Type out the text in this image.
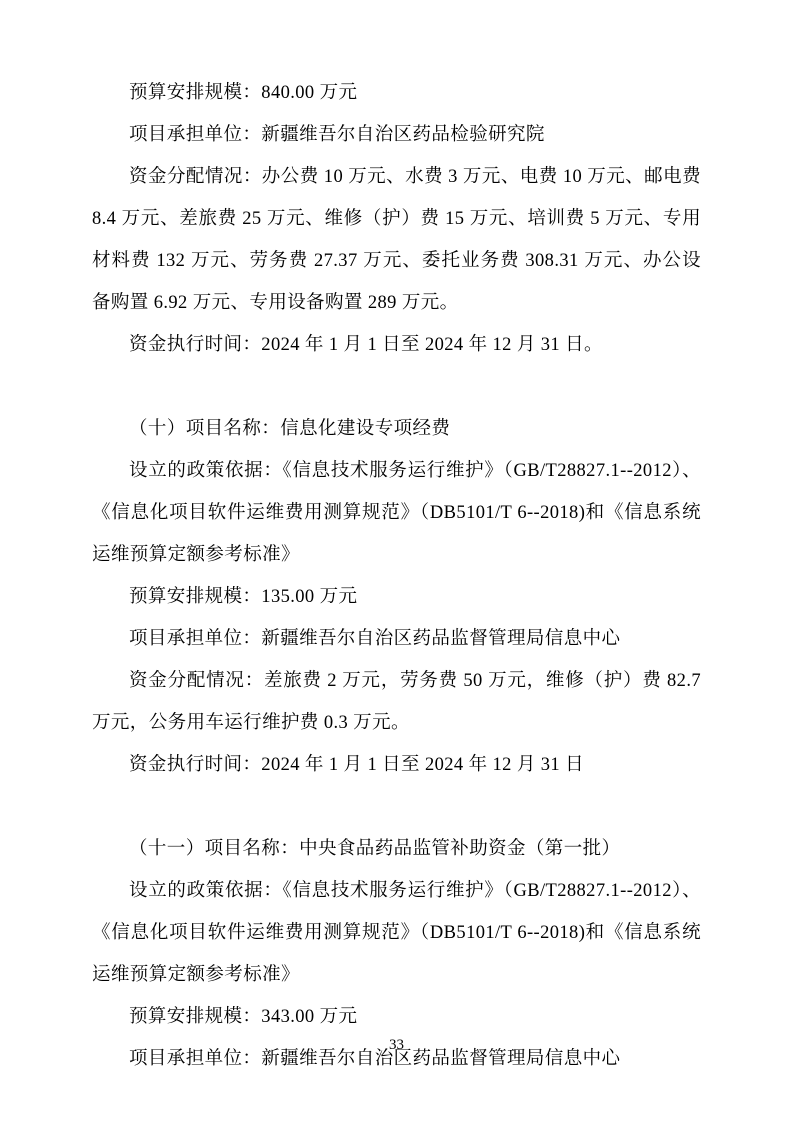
预算安排规模：840.00 万元

项目承担单位：新疆维吾尔自治区药品检验研究院

资金分配情况：办公费 10 万元、水费 3 万元、电费 10 万元、邮电费 8.4 万元、差旅费 25 万元、维修（护）费 15 万元、培训费 5 万元、专用材料费 132 万元、劳务费 27.37 万元、委托业务费 308.31 万元、办公设备购置 6.92 万元、专用设备购置 289 万元。

资金执行时间：2024 年 1 月 1 日至 2024 年 12 月 31 日。

（十）项目名称：信息化建设专项经费

设立的政策依据：《信息技术服务运行维护》（GB/T28827.1--2012）、《信息化项目软件运维费用测算规范》（DB5101/T 6--2018)和《信息系统运维预算定额参考标准》

预算安排规模：135.00 万元

项目承担单位：新疆维吾尔自治区药品监督管理局信息中心

资金分配情况：差旅费 2 万元，劳务费 50 万元，维修（护）费 82.7 万元，公务用车运行维护费 0.3 万元。

资金执行时间：2024 年 1 月 1 日至 2024 年 12 月 31 日

（十一）项目名称：中央食品药品监管补助资金（第一批）

设立的政策依据：《信息技术服务运行维护》（GB/T28827.1--2012）、《信息化项目软件运维费用测算规范》（DB5101/T 6--2018)和《信息系统运维预算定额参考标准》

预算安排规模：343.00 万元

项目承担单位：新疆维吾尔自治区药品监督管理局信息中心

33
